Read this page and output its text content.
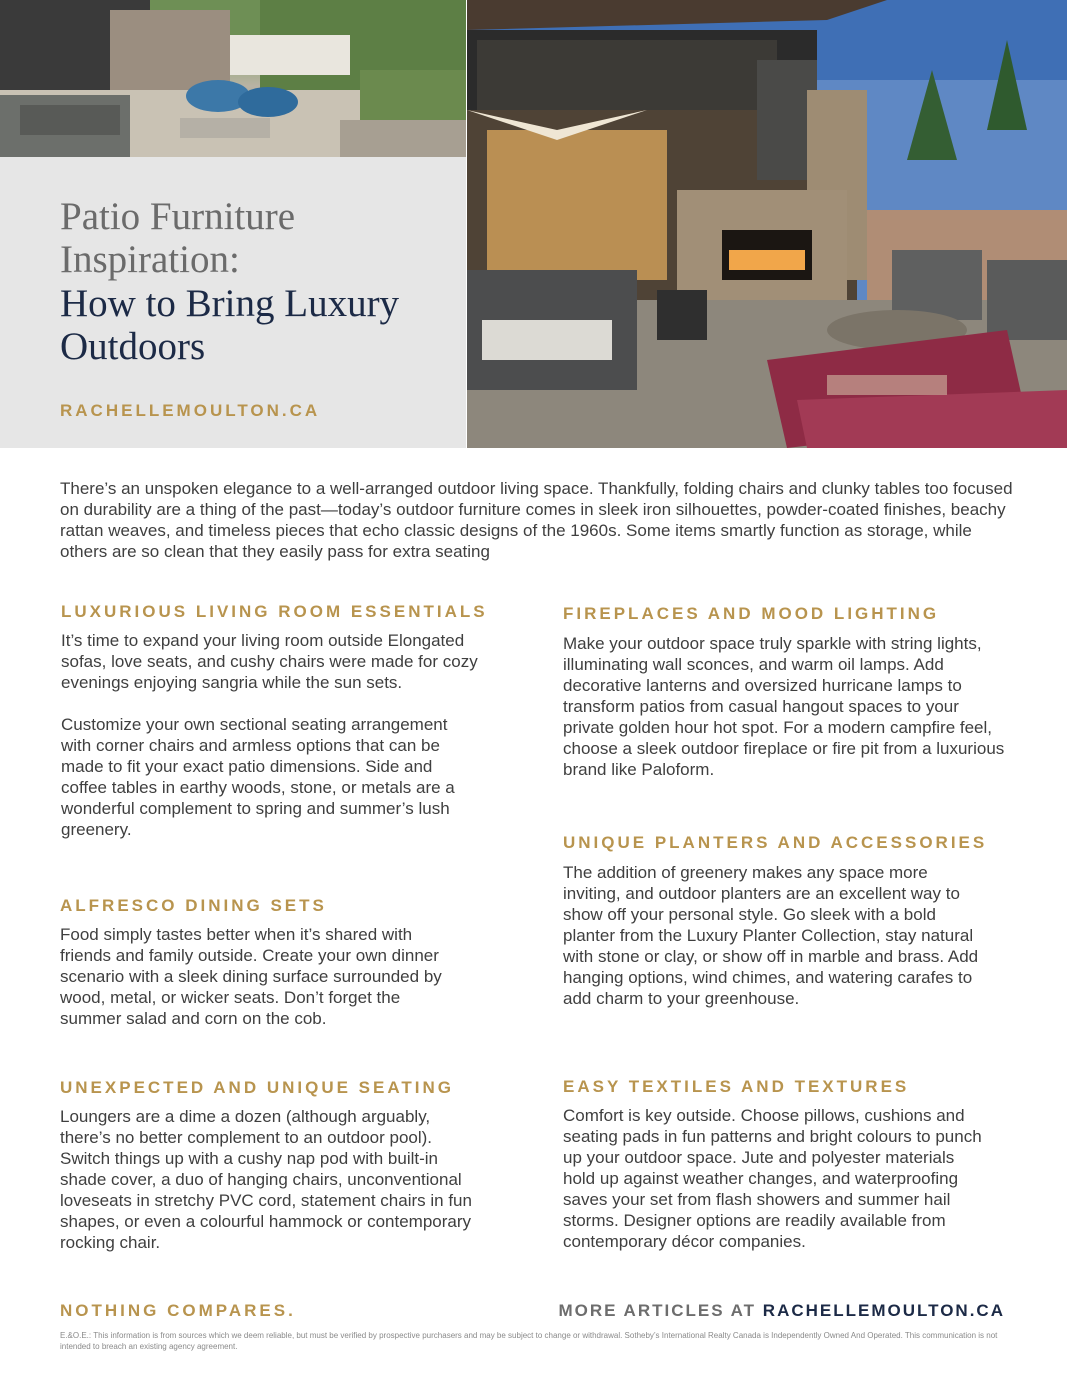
Patio Furniture Inspiration:
How to Bring Luxury Outdoors
RACHELLEMOULTON.CA
There’s an unspoken elegance to a well-arranged outdoor living space. Thankfully, folding chairs and clunky tables too focused on durability are a thing of the past—today’s outdoor furniture comes in sleek iron silhouettes, powder-coated finishes, beachy rattan weaves, and timeless pieces that echo classic designs of the 1960s. Some items smartly function as storage, while others are so clean that they easily pass for extra seating
LUXURIOUS LIVING ROOM ESSENTIALS

It’s time to expand your living room outside Elongated sofas, love seats, and cushy chairs were made for cozy evenings enjoying sangria while the sun sets.

Customize your own sectional seating arrangement with corner chairs and armless options that can be made to fit your exact patio dimensions. Side and coffee tables in earthy woods, stone, or metals are a wonderful complement to spring and summer’s lush greenery.

ALFRESCO DINING SETS

Food simply tastes better when it’s shared with friends and family outside. Create your own dinner scenario with a sleek dining surface surrounded by wood, metal, or wicker seats. Don’t forget the summer salad and corn on the cob.

UNEXPECTED AND UNIQUE SEATING

Loungers are a dime a dozen (although arguably, there’s no better complement to an outdoor pool). Switch things up with a cushy nap pod with built-in shade cover, a duo of hanging chairs, unconventional loveseats in stretchy PVC cord, statement chairs in fun shapes, or even a colourful hammock or contemporary rocking chair.

FIREPLACES AND MOOD LIGHTING

Make your outdoor space truly sparkle with string lights, illuminating wall sconces, and warm oil lamps. Add decorative lanterns and oversized hurricane lamps to transform patios from casual hangout spaces to your private golden hour hot spot. For a modern campfire feel, choose a sleek outdoor fireplace or fire pit from a luxurious brand like Paloform.

UNIQUE PLANTERS AND ACCESSORIES

The addition of greenery makes any space more inviting, and outdoor planters are an excellent way to show off your personal style. Go sleek with a bold planter from the Luxury Planter Collection, stay natural with stone or clay, or show off in marble and brass. Add hanging options, wind chimes, and watering carafes to add charm to your greenhouse.

EASY TEXTILES AND TEXTURES

Comfort is key outside. Choose pillows, cushions and seating pads in fun patterns and bright colours to punch up your outdoor space. Jute and polyester materials hold up against weather changes, and waterproofing saves your set from flash showers and summer hail storms. Designer options are readily available from contemporary décor companies.

NOTHING COMPARES.	MORE ARTICLES AT RACHELLEMOULTON.CA
E.&O.E.: This information is from sources which we deem reliable, but must be verified by prospective purchasers and may be subject to change or withdrawal. Sotheby’s International Realty Canada is Independently Owned And Operated. This communication is not intended to breach an existing agency agreement.
